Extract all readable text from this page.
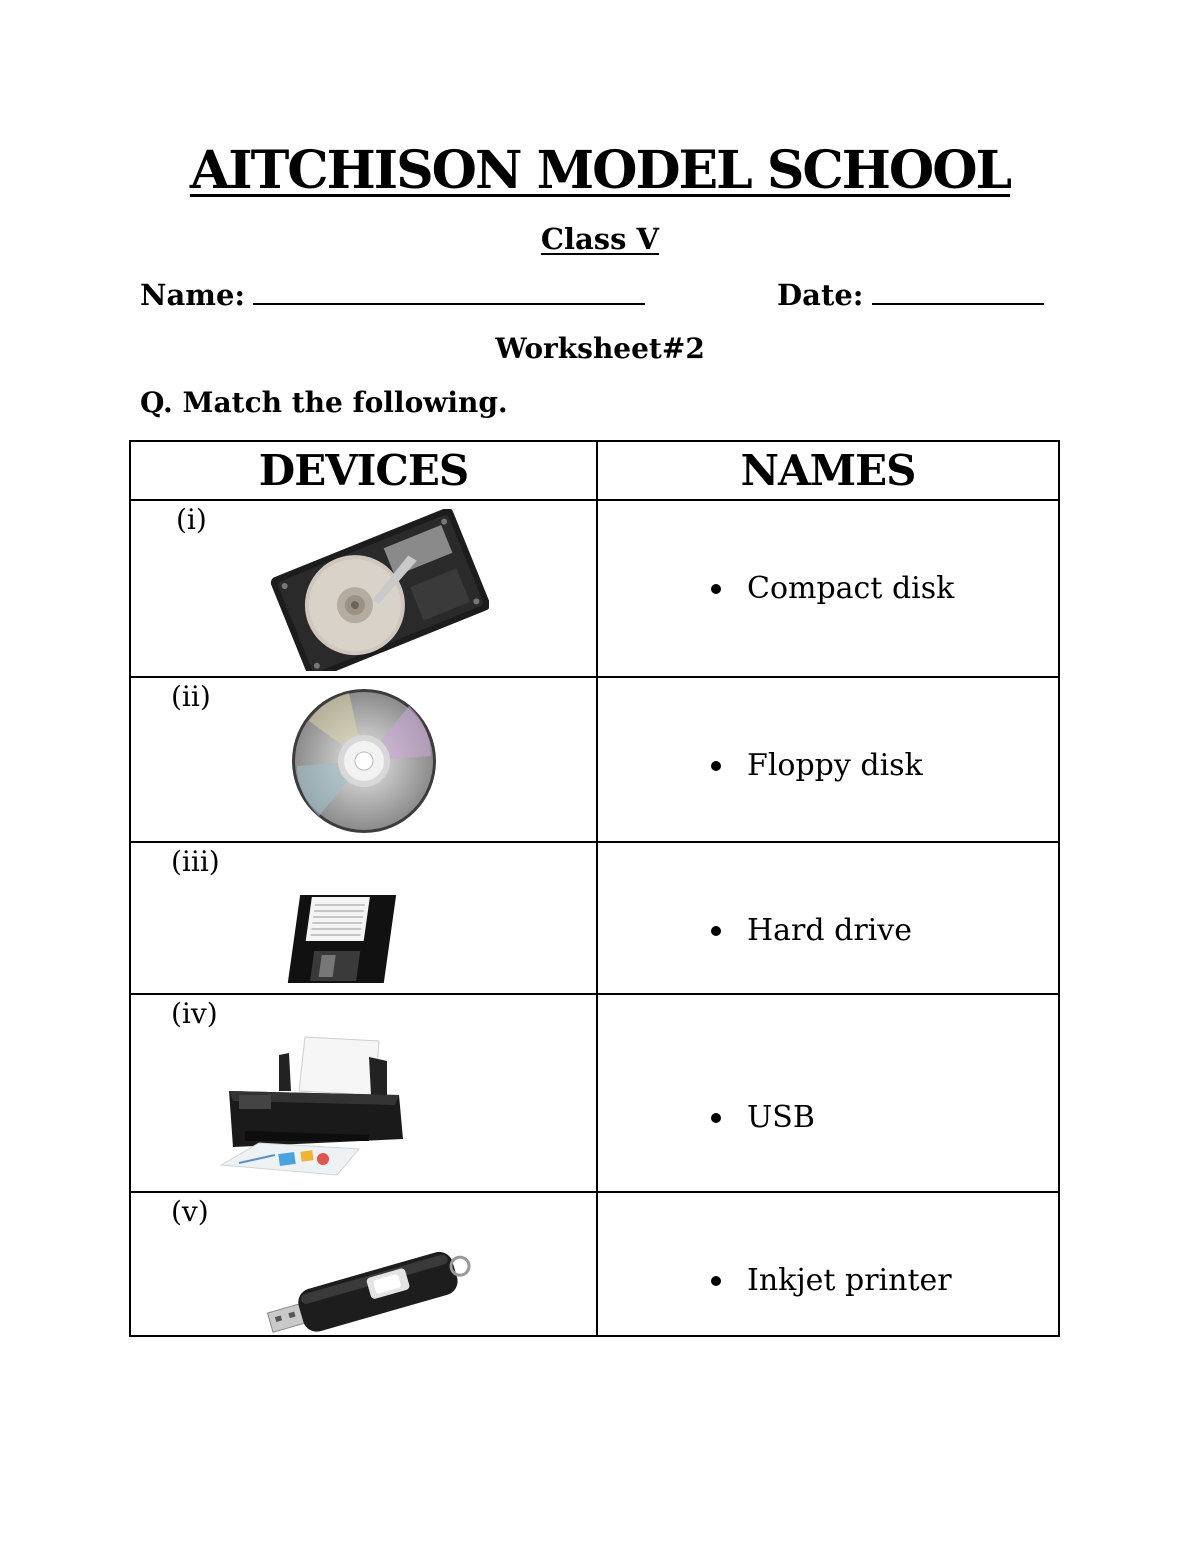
AITCHISON MODEL SCHOOL
Class V
Name:	Date:
Worksheet#2
Q. Match the following.
DEVICES	NAMES

(i)	Compact disk

(ii)	Floppy disk

(iii)	Hard drive

(iv)	USB

(v)	Inkjet printer
